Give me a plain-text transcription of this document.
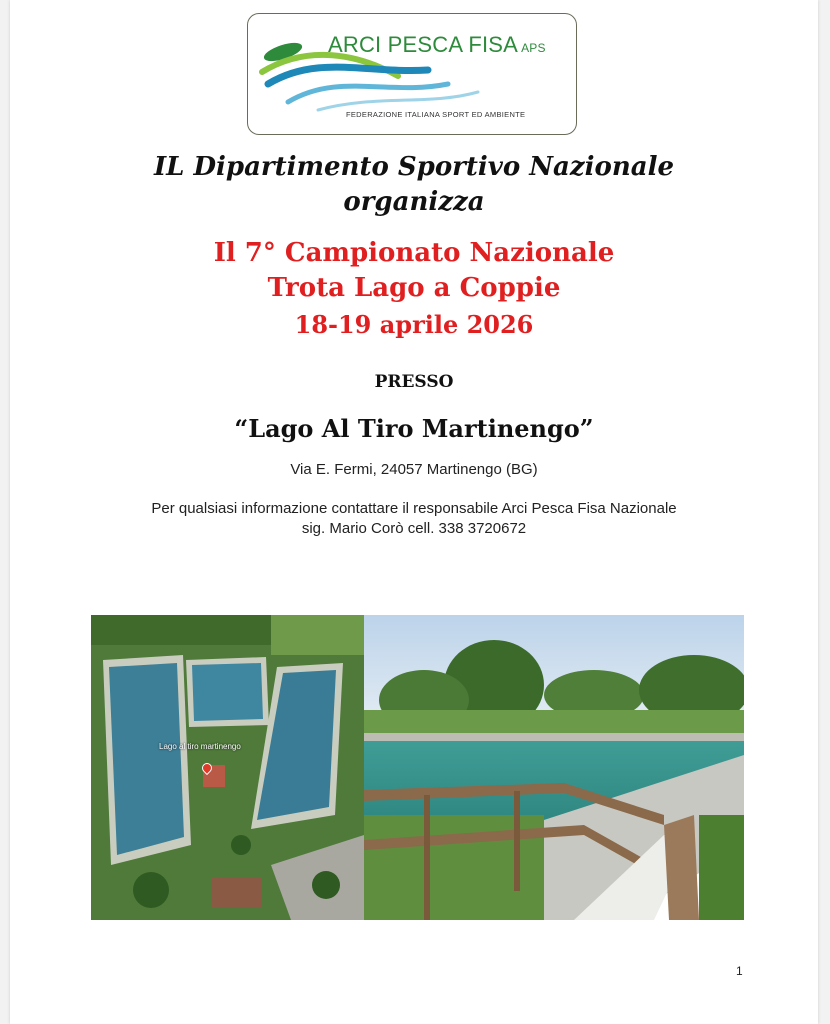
ARCI PESCA FISA APS
FEDERAZIONE ITALIANA SPORT ED AMBIENTE
IL Dipartimento Sportivo Nazionale
organizza
Il 7° Campionato Nazionale
Trota Lago a Coppie
18-19 aprile 2026
PRESSO
“Lago Al Tiro Martinengo”
Via E. Fermi, 24057 Martinengo (BG)
Per qualsiasi informazione contattare il responsabile Arci Pesca Fisa Nazionale
sig. Mario Corò cell. 338 3720672
Lago al tiro martinengo
1
